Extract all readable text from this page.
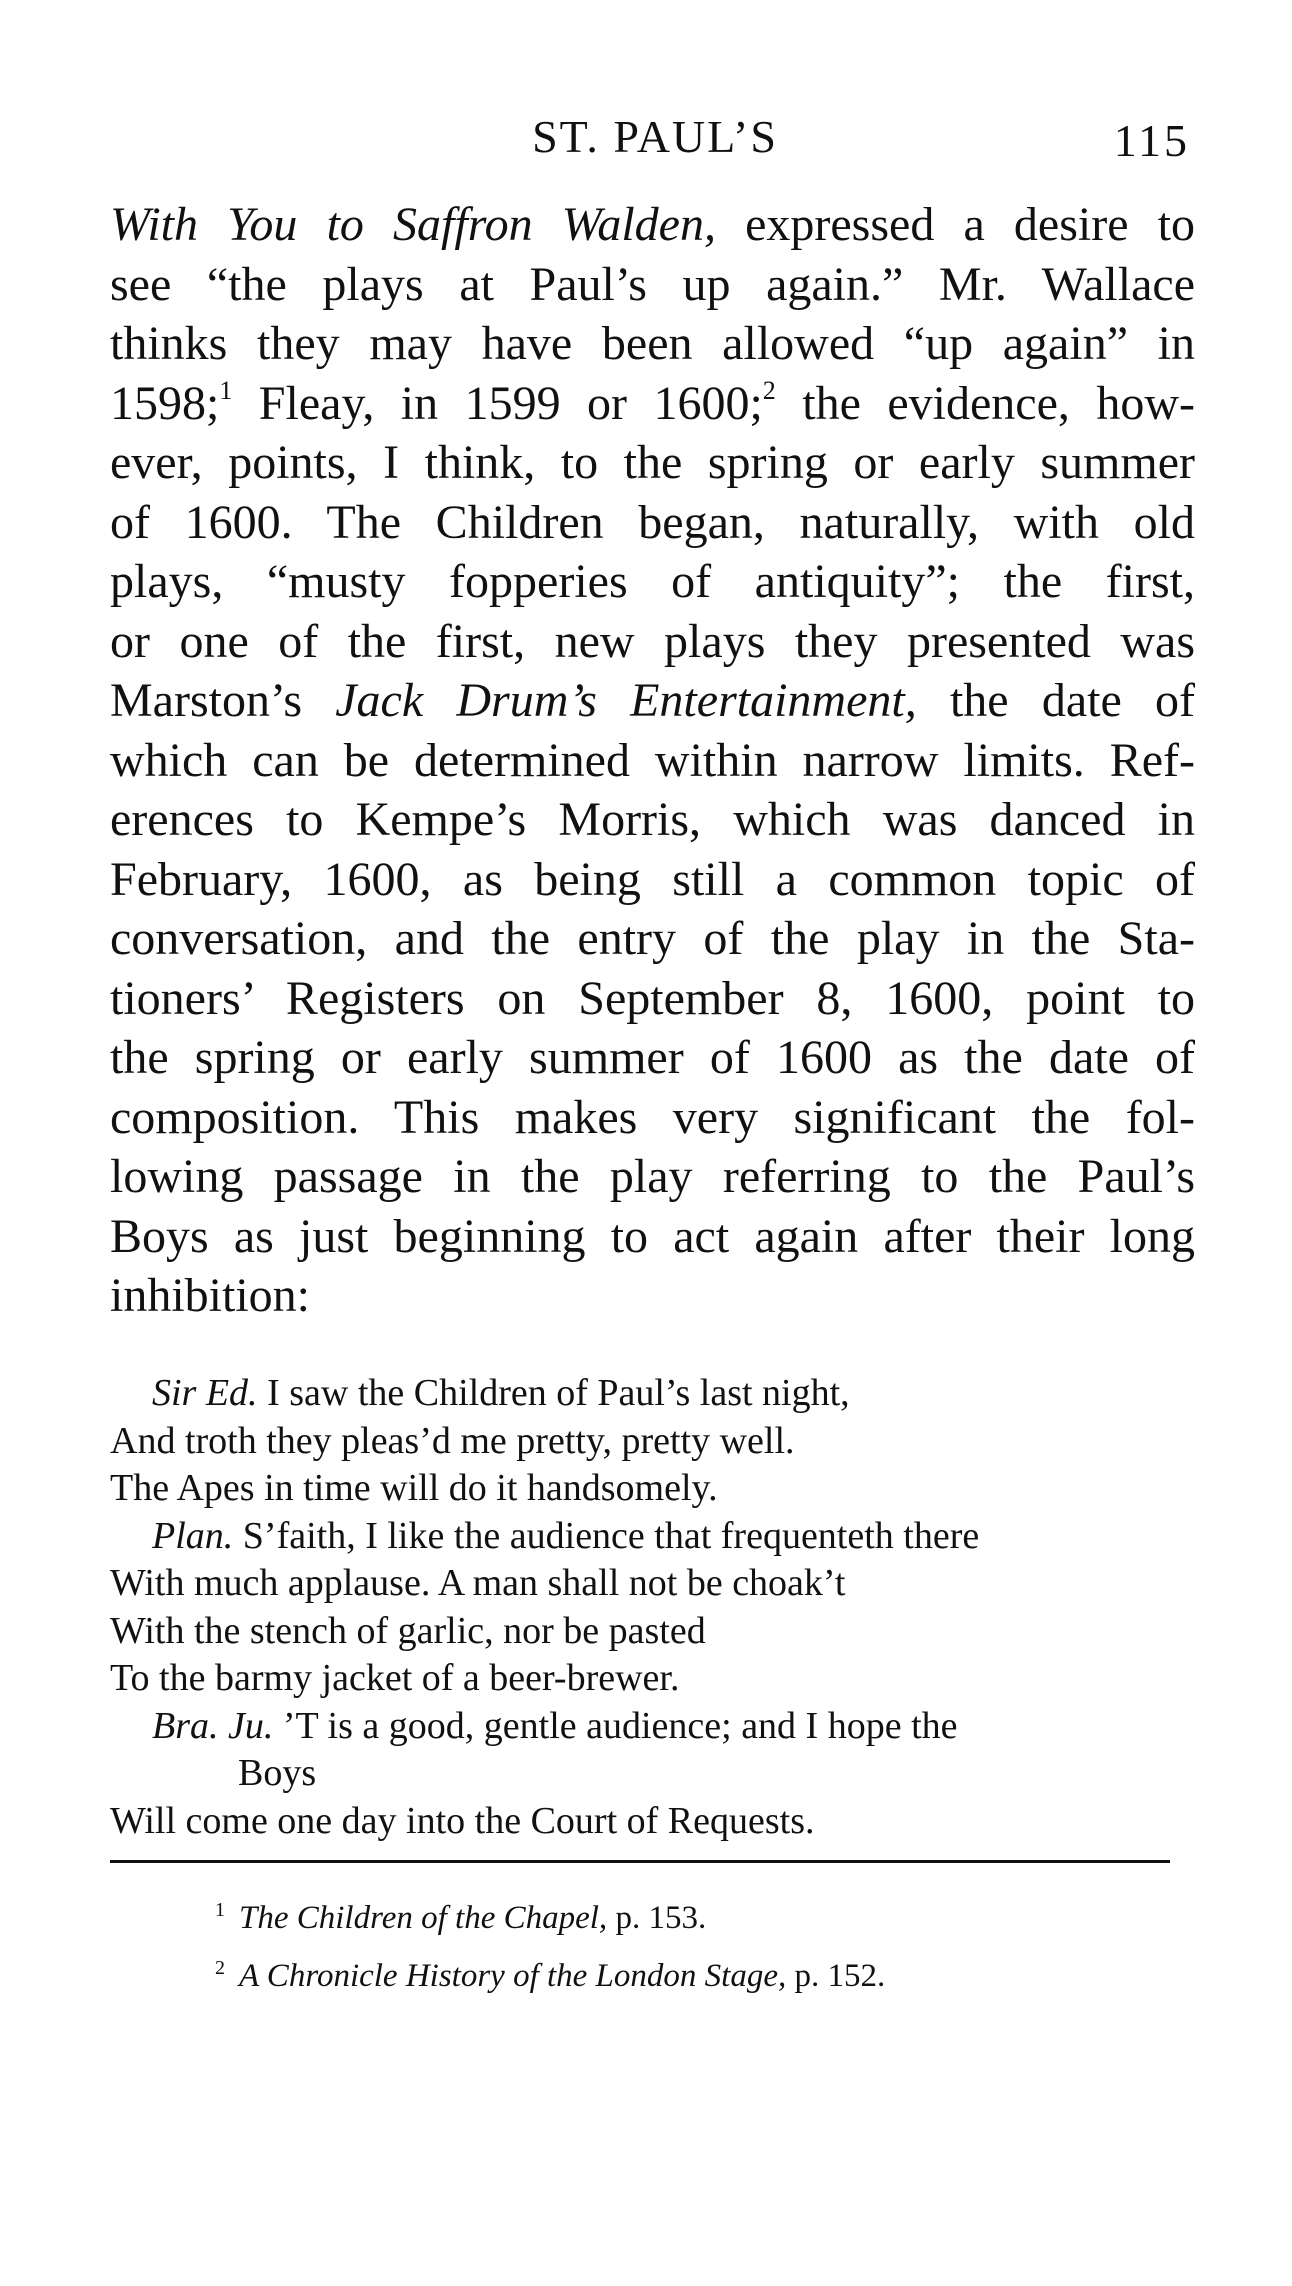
ST. PAUL’S	115
With You to Saffron Walden, expressed a desire to
see “the plays at Paul’s up again.” Mr. Wallace
thinks they may have been allowed “up again” in
1598;$^1$ Fleay, in 1599 or 1600;$^2$ the evidence, how-
ever, points, I think, to the spring or early summer
of 1600. The Children began, naturally, with old
plays, “musty fopperies of antiquity”; the first,
or one of the first, new plays they presented was
Marston’s Jack Drum’s Entertainment, the date of
which can be determined within narrow limits. Ref-
erences to Kempe’s Morris, which was danced in
February, 1600, as being still a common topic of
conversation, and the entry of the play in the Sta-
tioners’ Registers on September 8, 1600, point to
the spring or early summer of 1600 as the date of
composition. This makes very significant the fol-
lowing passage in the play referring to the Paul’s
Boys as just beginning to act again after their long
inhibition:
Sir Ed. I saw the Children of Paul’s last night,
And troth they pleas’d me pretty, pretty well.
The Apes in time will do it handsomely.
Plan. S’faith, I like the audience that frequenteth there
With much applause. A man shall not be choak’t
With the stench of garlic, nor be pasted
To the barmy jacket of a beer-brewer.
Bra. Ju. ’T is a good, gentle audience; and I hope the
Boys
Will come one day into the Court of Requests.
$^1$ The Children of the Chapel, p. 153.
$^2$ A Chronicle History of the London Stage, p. 152.
